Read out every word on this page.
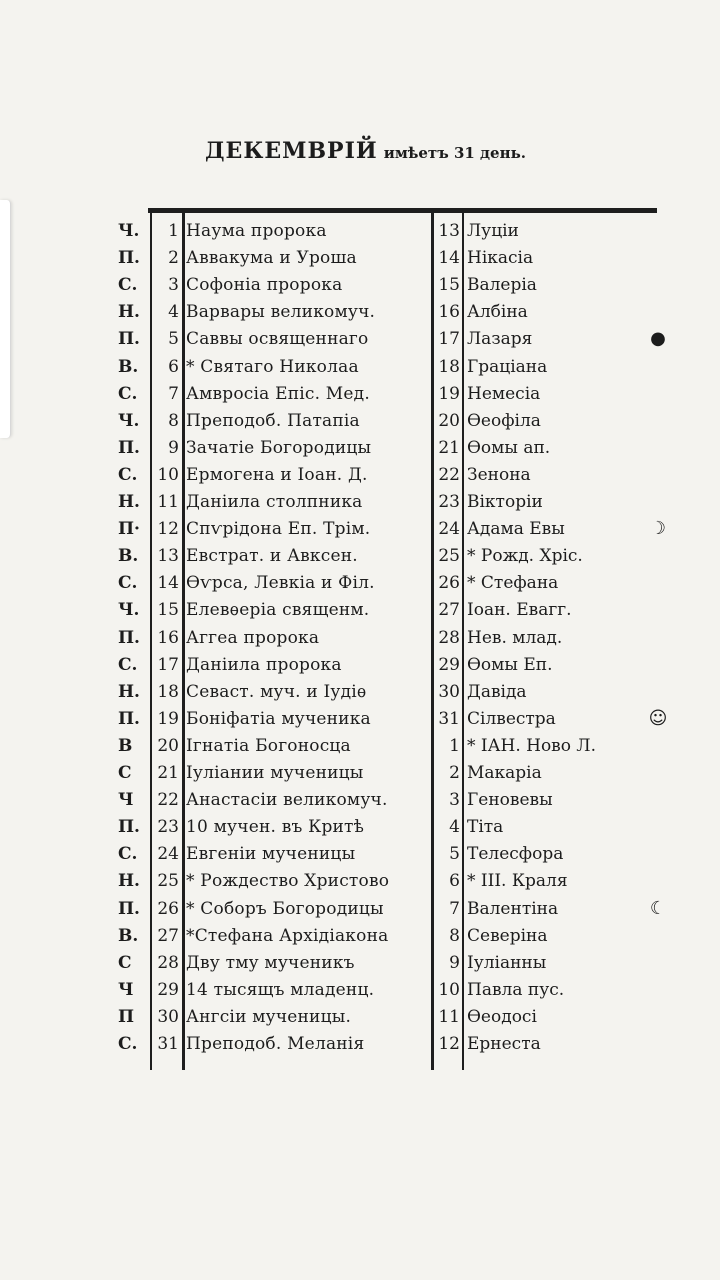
ДЕКЕМВРІЙ имѣетъ 31 день.
Ч.	1 Наума пророка	13 Луціи
П.	2 Аввакума и Уроша	14 Нікасіа
С.	3 Софоніа пророка	15 Валеріа
Н.	4 Варвары великомуч.	16 Албіна
П.	5 Саввы освященнаго	17 Лазаря
В.	6 * Святаго Николаа	18 Граціана
С.	7 Амвросіа Епіс. Мед.	19 Немесіа
Ч.	8 Преподоб. Патапіа	20 Ѳеофіла
П.	9 Зачатіе Богородицы	21 Ѳомы ап.
С.	10 Ермогена и Іоан. Д.	22 Зенона
Н.	11 Даніила столпника	23 Вікторіи
П·	12 Спѵрідона Еп. Трім.	24 Адама Евы
В.	13 Евстрат. и Авксен.	25 * Рожд. Хріс.
С.	14 Ѳѵрса, Левкіа и Філ.	26 * Стефана
Ч.	15 Елевѳеріа священм.	27 Іоан. Евагг.
П.	16 Аггеа пророка	28 Нев. млад.
С.	17 Даніила пророка	29 Ѳомы Еп.
Н.	18 Севаст. муч. и Іудіѳ	30 Давіда
П.	19 Боніфатіа мученика	31 Сілвестра
В	20 Ігнатіа Богоносца	1 * ІАН. Ново Л.
С	21 Іуліании мученицы	2 Макаріа
Ч	22 Анастасіи великомуч.	3 Геновевы
П.	23 10 мучен. въ Критѣ	4 Тіта
С.	24 Евгеніи мученицы	5 Телесфора
Н.	25 * Рождество Христово	6 * ІІІ. Краля
П.	26 * Соборъ Богородицы	7 Валентіна
В.	27 *Стефана Архідіакона	8 Северіна
С	28 Дву тму мученикъ	9 Іуліанны
Ч	29 14 тысящъ младенц.	10 Павла пус.
П	30 Ангсіи мученицы.	11 Ѳеодосі
С.	31 Преподоб. Меланія	12 Ернеста
●
☽
☺
☾
